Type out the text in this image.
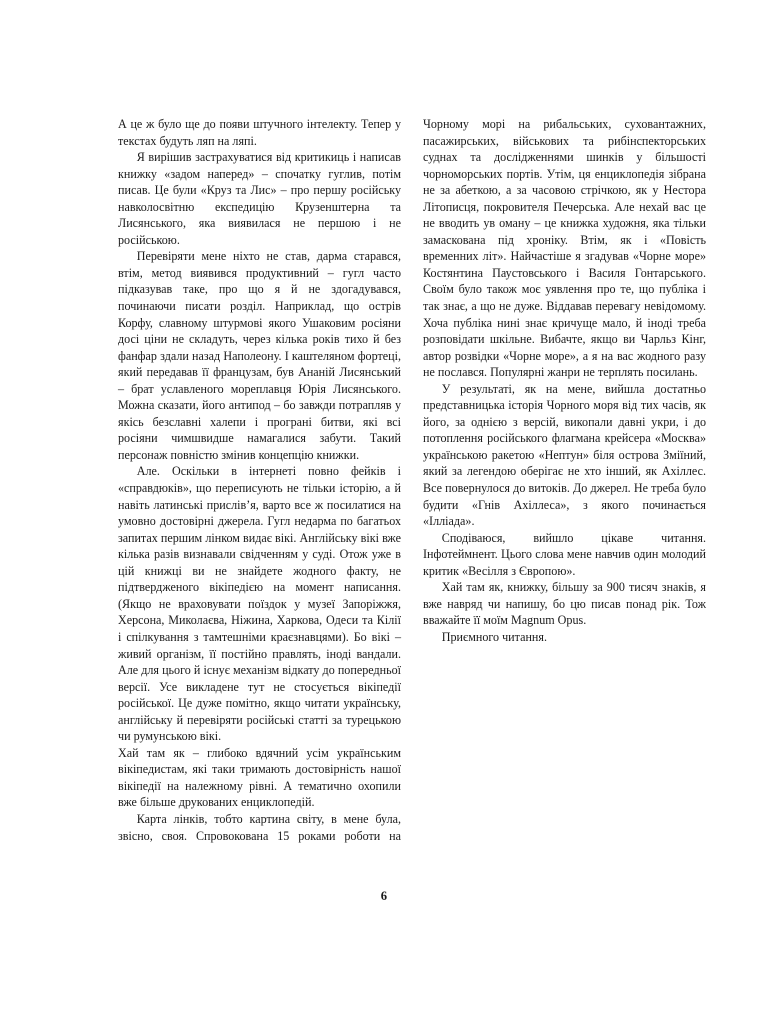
А це ж було ще до появи штучного інтелекту. Тепер у текстах будуть ляп на ляпі.

Я вирішив застрахуватися від критикиць і написав книжку «задом наперед» – спочатку гуглив, потім писав. Це були «Круз та Лис» – про першу російську навколосвітню експедицію Крузенштерна та Лисянського, яка виявилася не першою і не російською.

Перевіряти мене ніхто не став, дарма старався, втім, метод виявився продуктивний – гугл часто підказував таке, про що я й не здогадувався, починаючи писати розділ. Наприклад, що острів Корфу, славному штурмові якого Ушаковим росіяни досі ціни не складуть, через кілька років тихо й без фанфар здали назад Наполеону. І каштеляном фортеці, який передавав її французам, був Ананій Лисянський – брат уславленого мореплавця Юрія Лисянського. Можна сказати, його антипод – бо завжди потрапляв у якісь безславні халепи і програні битви, які всі росіяни чимшвидше намагалися забути. Такий персонаж повністю змінив концепцію книжки.

Але. Оскільки в інтернеті повно фейків і «справдюків», що переписують не тільки історію, а й навіть латинські прислів’я, варто все ж посилатися на умовно достовірні джерела. Гугл недарма по багатьох запитах першим лінком видає вікі. Англійську вікі вже кілька разів визнавали свідченням у суді. Отож уже в цій книжці ви не знайдете жодного факту, не підтвердженого вікіпедією на момент написання. (Якщо не враховувати поїздок у музеї Запоріжжя, Херсона, Миколаєва, Ніжина, Харкова, Одеси та Кілії і спілкування з тамтешніми краєзнавцями). Бо вікі – живий організм, її постійно правлять, іноді вандали. Але для цього й існує механізм відкату до попередньої версії. Усе викладене тут не стосується вікіпедії російської. Це дуже помітно, якщо читати українську, англійську й перевіряти російські статті за турецькою чи румунською вікі.

Хай там як – глибоко вдячний усім українським вікіпедистам, які таки тримають достовірність нашої вікіпедії на належному рівні. А тематично охопили вже більше друкованих енциклопедій.

Карта лінків, тобто картина світу, в мене була, звісно, своя. Спровокована 15 роками роботи на Чорному морі на рибальських, суховантажних, пасажирських, військових та рибінспекторських суднах та дослідженнями шинків у більшості чорноморських портів. Утім, ця енциклопедія зібрана не за абеткою, а за часовою стрічкою, як у Нестора Літописця, покровителя Печерська. Але нехай вас це не вводить ув оману – це книжка художня, яка тільки замаскована під хроніку. Втім, як і «Повість временних літ». Найчастіше я згадував «Чорне море» Костянтина Паустовського і Василя Гонтарського. Своїм було також моє уявлення про те, що публіка і так знає, а що не дуже. Віддавав перевагу невідомому. Хоча публіка нині знає кричуще мало, й іноді треба розповідати шкільне. Вибачте, якщо ви Чарльз Кінг, автор розвідки «Чорне море», а я на вас жодного разу не послався. Популярні жанри не терплять посилань.

У результаті, як на мене, вийшла достатньо представницька історія Чорного моря від тих часів, як його, за однією з версій, викопали давні укри, і до потоплення російського флагмана крейсера «Москва» українською ракетою «Нептун» біля острова Зміїний, який за легендою оберігає не хто інший, як Ахіллес. Все повернулося до витоків. До джерел. Не треба було будити «Гнів Ахіллеса», з якого починається «Ілліада».

Сподіваюся, вийшло цікаве читання. Інфотеймнент. Цього слова мене навчив один молодий критик «Весілля з Європою».

Хай там як, книжку, більшу за 900 тисяч знаків, я вже навряд чи напишу, бо цю писав понад рік. Тож вважайте її моїм Magnum Opus.

Приємного читання.

6
